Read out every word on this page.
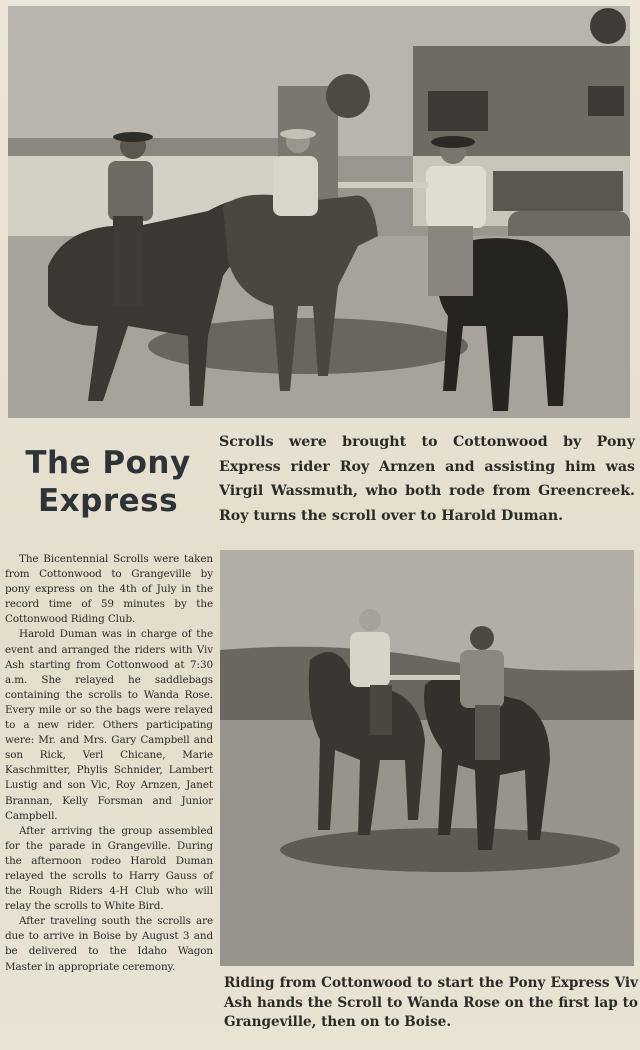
The Pony
Express
Scrolls were brought to Cottonwood by Pony Express rider Roy Arnzen and assisting him was Virgil Wassmuth, who both rode from Greencreek. Roy turns the scroll over to Harold Duman.

The Bicentennial Scrolls were taken from Cottonwood to Grangeville by pony express on the 4th of July in the record time of 59 minutes by the Cottonwood Riding Club.

Harold Duman was in charge of the event and arranged the riders with Viv Ash starting from Cottonwood at 7:30 a.m. She relayed he saddlebags containing the scrolls to Wanda Rose. Every mile or so the bags were relayed to a new rider. Others participating were: Mr. and Mrs. Gary Campbell and son Rick, Verl Chicane, Marie Kaschmitter, Phylis Schnider, Lambert Lustig and son Vic, Roy Arnzen, Janet Brannan, Kelly Forsman and Junior Campbell.

After arriving the group assembled for the parade in Grangeville. During the afternoon rodeo Harold Duman relayed the scrolls to Harry Gauss of the Rough Riders 4-H Club who will relay the scrolls to White Bird.

After traveling south the scrolls are due to arrive in Boise by August 3 and be delivered to the Idaho Wagon Master in appropriate ceremony.

Riding from Cottonwood to start the Pony Express Viv Ash hands the Scroll to Wanda Rose on the first lap to Grangeville, then on to Boise.
